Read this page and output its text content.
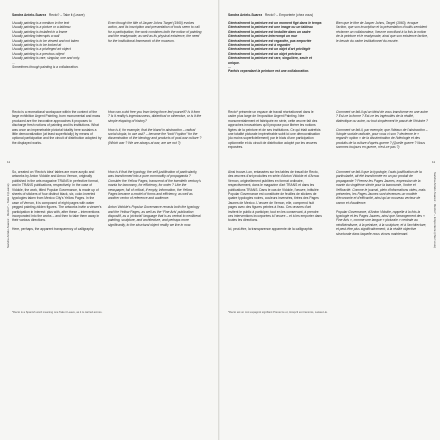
Sandra Antelo-Suarez Recto? – Take it (Leave)
Usually painting is a medium in the text
Usually painting is a picture or a tableau
Usually painting is installed in a frame
Usually painting interrupts a wall
Usually painting is to be viewed and not taken
Usually painting is to be looked at
Usually painting is a privileged art object
Usually painting is a precious object
Usually painting is rare, singular, one and only.
...
Sometimes though painting is a collaboration.
Even though the title of Jasper Johns Target (1960) evokes action, and its inscription and presentation of tools seem to call for a participation, the work combines both the notion of painting and the readymade, as well as its physical existence, the need for the institutional framework of the museum.
Recto is a recreational workspace within the context of the large exhibition Argent Painting, born monumental and mass produced are the innovative approaches it proposes to discharge fresh notions of painting and its institutions. What was once an impenetrable pictorial totality here sustains a little democratization (at least superficially) by means of optional participation and the circuit of distribution adopted by the displayed works.
How can a dot free you from being force-fed yourself? Is it form ? Is it reality's ingeniousness, dialectical or otherwise, or is it the simple elapsing of history?

How is it, for example, that the bland in abstraction – radical social utopia, to use ask? – became the “look”/“option” for the dissemination of the ideology and products of post-war culture ? (Which war ? We are always at war, are we not ?)
So, created on ‘Recto’s idea’ tables are more acrylic and artworks by Anton Vidokle and Arnoo Vernon, originally published in the arts magazine TRANS in perfective format, and in TRANS publications, respectively. In the case of Vidokle, the work, titled Popular Governance, is made up of sheets of stickers of four distinct black, six, color-inverted typologies taken from Mexico City's Yellow Pages. In the case of Vernon, it is composed of eight pages with water pegged painting-ridden figures. The artworks invite a viewer's participation in interest: plus with, after these – interventions incorporated into the works – and then to take them away in their various directions.

Here, perhaps, the apparent transparency of calligraphy.
How is it that the typology, the self-justification of particularity, was transformed into a pure commodity of propaganda ? Consider the Yellow Pages, transcend of the twentieth century's mania for taxonomy, for efficiency, for order ? Like the newspaper, full of critical, if empty, information, the Yellow Pages became a model of forms and efficiency, as well as another vector of reference and audience.

Anton Vidokle's Popular Governance recasts both the typology and the Yellow Pages, as well as the ‘Fine Arts’ publication dispositif, as a ‘pictorial’ language that is as central to neoliberal painting, sculpture, and architecture, and perhaps more significantly, to the structural object reality we live in now.
11
Sandra Antelo-Suarez · Recto? – Take it (Leave)
*Recto is a Spanish word meaning one Take it Leave, as it is carried across.
Sandra Antelo-Suarez Recto? – Emporterie (chez vous)
Généralement la peinture est un moment figé dans le temps
Généralement la peinture est une image ou un tableau
Généralement la peinture est installée dans un cadre
Généralement la peinture interrompt un mur
Généralement la peinture est regardée, pas emportée
Généralement la peinture est à regarder
Généralement la peinture est un objet d'art privilégié
Généralement la peinture est un objet précieux
Généralement la peinture est rare, singulière, seule et unique.
...
Parfois cependant la peinture est une collaboration.
Bien que le titre de Jasper Johns, Target (1960), évoque l'action, que son inscription et la présentation d'outils semblent réclamer un collaborateur, l'œuvre conciliant à la fois la notion de la peinture et le readymade, ainsi que son existence factice, le besoin du cadre institutionnel du musée.
Recto* présente un espace de travail récréationnel dans le cadre plus large de l'exposition Argent Painting. Née monumentalement et fabriquée en série, cette œuvre fait des approches innovatrices qu'il propose pour libérer les notions figées de la peinture et de ses institutions. Ce qui était autrefois une totalité picturale impénétrable subit ici une démocratisation (du moins superficiellement) par le biais d'une participation optionnelle et du circuit de distribution adopté par les œuvres exposées.
Comment se fait-il qu'un idéal de vous transforme en une autre ? Est-ce la forme ? Est-ce les ingénuités de la réalité, dialectique ou autre, ou tout simplement le passé de l'histoire ?

Comment se fait-il, par exemple, que l'idéaux de l'abstraction – l'utopie sociale radicale, pour vous ci son ? devienne le « regard/« option » de la dissémination de l'idéologie et des produits de la culture d'aprés-guerre ? (Quelle guerre ? Nous sommes toujours en guerre, n'est-ce pas ?)
Ainsi trouve-t-on, entassées sur les tables de travail de Recto, des œuvres d'art produites en série d'Anton Vidokle et d'Arnoo Vernon, originellement publiées en format ordinaire, respectivement, dans le magazine d'art TRANS et dans les publications TRANS. Dans le cas de Vidokle, l'œuvre, intitulée Popular Governance est constituée de feuilles de stickers de quatre typologies noires, couleurs inversées, tirées des Pages Jaunes de Mexico. L'œuvre de Vernon, elle, comprend huit pages avec des figures peintes à l'eau. Ces œuvres d'art invitent le public à participer, tout en les conservant, à prendre ces interventions incorporées à l'œuvre – et à les emporter dans toutes les directions.

Ici, peut-être, la transparence apparente de la calligraphie.
Comment se fait-il que la typologie, l'auto-justification de la particularité, ait été transformée en un pur produit de propagande ? Prenez les Pages Jaunes, expression de la manie du vingtième siècle pour la taxonomie, l'ordre et l'efficacité. Comme le journal, plein d'informations vides, mais présentes, les Pages Jaunes sont devenues un modèle d'économie et d'efficacité, ainsi qu'un nouveau vecteur de canon et d'audience.

Popular Governance, d'Anton Vidokle, rappelle à la fois la typologie et les Pages Jaunes, ainsi que l'arrangement des « Fine Arts », comme une langue « picturale » centrale au néolibéralisme, à la peinture, à la sculpture, et à l'architecture, et peut-être plus significativement, à la réalité objective structurale dans laquelle nous vivons maintenant.
11
Sandra Antelo-Suarez · Recto? – Emporterie (chez vous)
*Recto est un mot espagnol signifiant Prenez-le et, lorsqu'il est transmis, Laissez-le.
